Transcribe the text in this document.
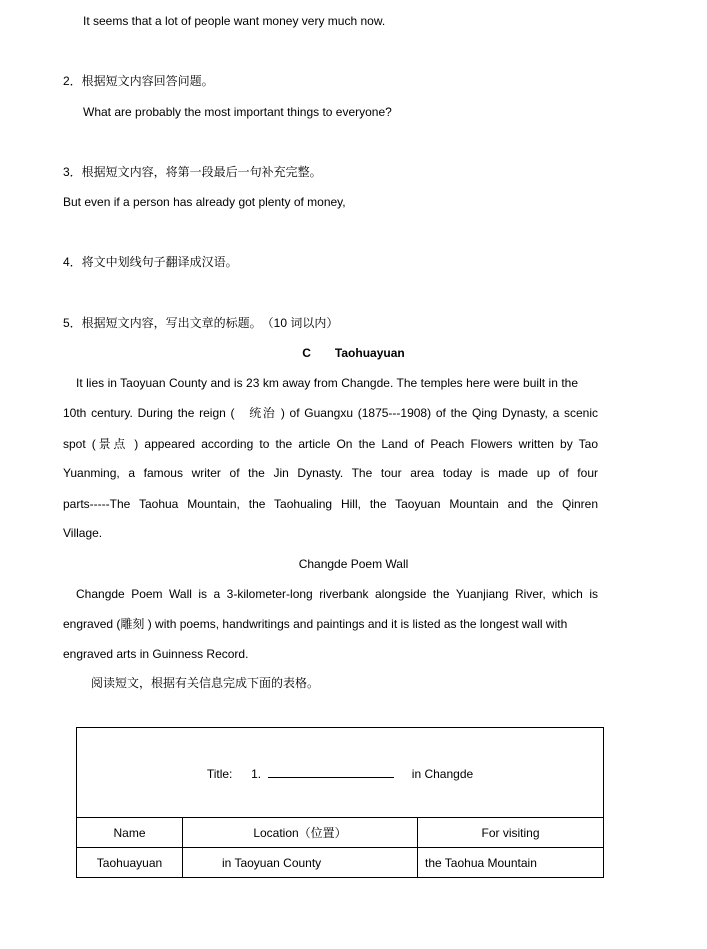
It seems that a lot of people want money very much now.
2．根据短文内容回答问题。
What are probably the most important things to everyone?
3．根据短文内容，将第一段最后一句补充完整。
But even if a person has already got plenty of money,
4．将文中划线句子翻译成汉语。
5．根据短文内容，写出文章的标题。　（10 词以内）
C　　Taohuayuan
It lies in Taoyuan County and is 23 km away from Changde. The temples here were built in the
10th century. During the reign (　统治 ) of Guangxu (1875---1908) of the Qing Dynasty, a scenic
spot (景点 ) appeared according to the article On the Land of Peach Flowers written by Tao
Yuanming, a famous writer of the Jin Dynasty. The tour area today is made up of four
parts-----The Taohua Mountain, the Taohualing Hill, the Taoyuan Mountain and the Qinren
Village.
Changde Poem Wall
Changde Poem Wall is a 3-kilometer-long riverbank alongside the Yuanjiang River, which is
engraved (雕刻 ) with poems, handwritings and paintings and it is listed as the longest wall with
engraved arts in Guinness Record.
阅读短文，根据有关信息完成下面的表格。
Title: 1. in Changde		
Name	Location（位置）	For visiting
Taohuayuan	in Taoyuan County	the Taohua Mountain
